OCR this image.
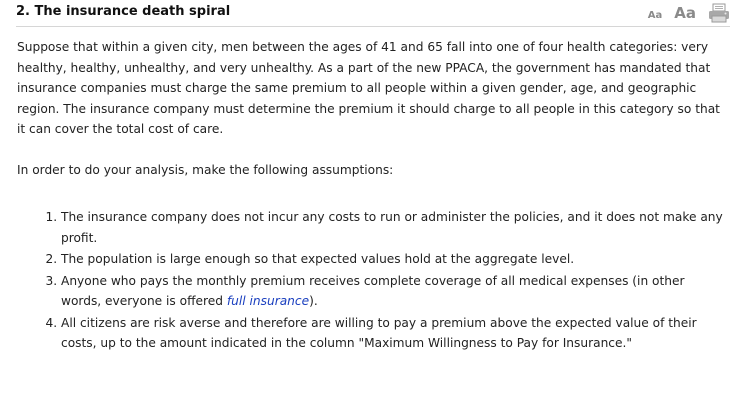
2. The insurance death spiral	Aa Aa

Suppose that within a given city, men between the ages of 41 and 65 fall into one of four health categories: very healthy, healthy, unhealthy, and very unhealthy. As a part of the new PPACA, the government has mandated that insurance companies must charge the same premium to all people within a given gender, age, and geographic region. The insurance company must determine the premium it should charge to all people in this category so that it can cover the total cost of care.

In order to do your analysis, make the following assumptions:

1. The insurance company does not incur any costs to run or administer the policies, and it does not make any profit.
2. The population is large enough so that expected values hold at the aggregate level.
3. Anyone who pays the monthly premium receives complete coverage of all medical expenses (in other words, everyone is offered full insurance).
4. All citizens are risk averse and therefore are willing to pay a premium above the expected value of their costs, up to the amount indicated in the column "Maximum Willingness to Pay for Insurance."
